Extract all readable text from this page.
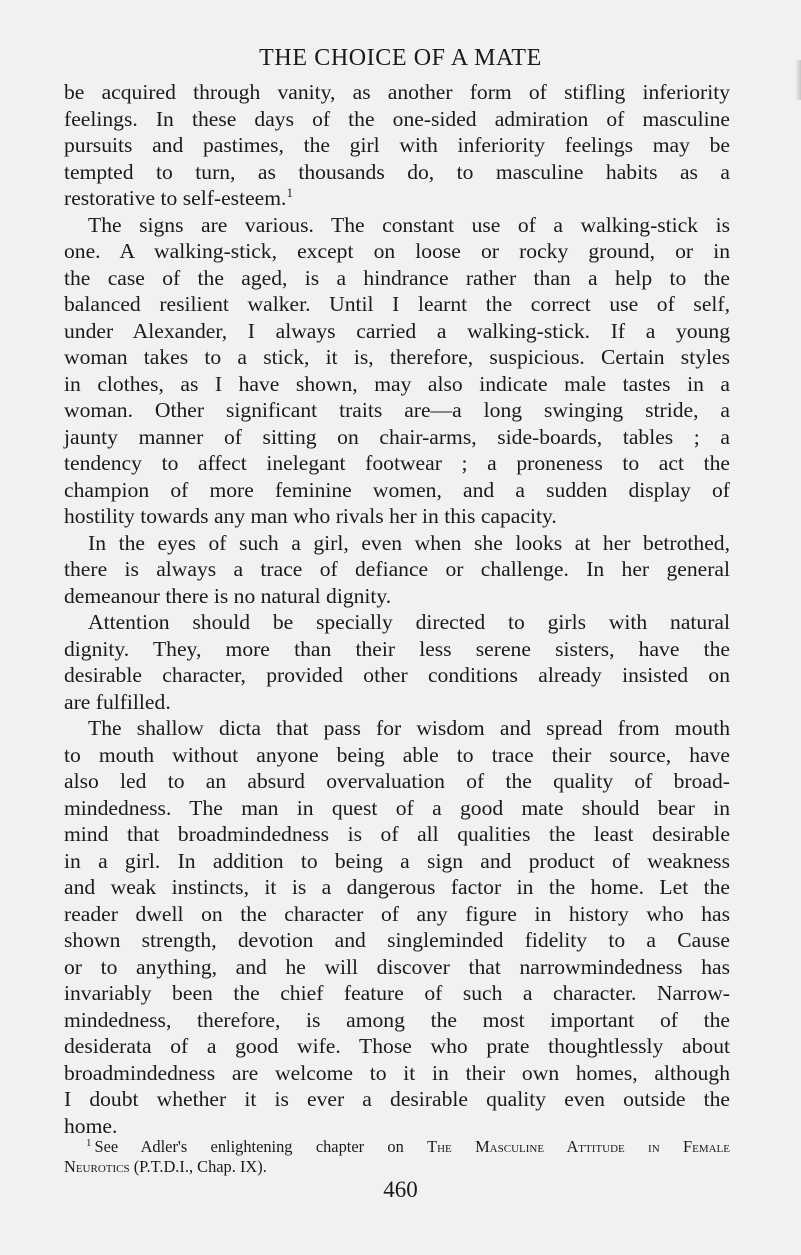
THE CHOICE OF A MATE

be acquired through vanity, as another form of stifling inferiority
feelings. In these days of the one-sided admiration of masculine
pursuits and pastimes, the girl with inferiority feelings may be
tempted to turn, as thousands do, to masculine habits as a
restorative to self-esteem.$^1$

The signs are various. The constant use of a walking-stick is
one. A walking-stick, except on loose or rocky ground, or in
the case of the aged, is a hindrance rather than a help to the
balanced resilient walker. Until I learnt the correct use of self,
under Alexander, I always carried a walking-stick. If a young
woman takes to a stick, it is, therefore, suspicious. Certain styles
in clothes, as I have shown, may also indicate male tastes in a
woman. Other significant traits are—a long swinging stride, a
jaunty manner of sitting on chair-arms, side-boards, tables ; a
tendency to affect inelegant footwear ; a proneness to act the
champion of more feminine women, and a sudden display of
hostility towards any man who rivals her in this capacity.

In the eyes of such a girl, even when she looks at her betrothed,
there is always a trace of defiance or challenge. In her general
demeanour there is no natural dignity.

Attention should be specially directed to girls with natural
dignity. They, more than their less serene sisters, have the
desirable character, provided other conditions already insisted on
are fulfilled.

The shallow dicta that pass for wisdom and spread from mouth
to mouth without anyone being able to trace their source, have
also led to an absurd overvaluation of the quality of broad-
mindedness. The man in quest of a good mate should bear in
mind that broadmindedness is of all qualities the least desirable
in a girl. In addition to being a sign and product of weakness
and weak instincts, it is a dangerous factor in the home. Let the
reader dwell on the character of any figure in history who has
shown strength, devotion and singleminded fidelity to a Cause
or to anything, and he will discover that narrowmindedness has
invariably been the chief feature of such a character. Narrow-
mindedness, therefore, is among the most important of the
desiderata of a good wife. Those who prate thoughtlessly about
broadmindedness are welcome to it in their own homes, although
I doubt whether it is ever a desirable quality even outside the
home.

$^1$ See Adler's enlightening chapter on The Masculine Attitude in Female
Neurotics (P.T.D.I., Chap. IX).
460
